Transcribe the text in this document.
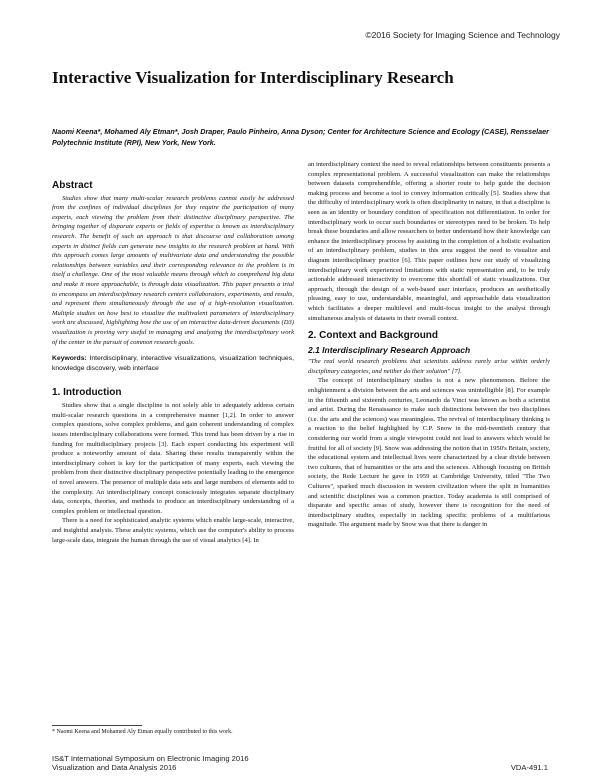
©2016 Society for Imaging Science and Technology
Interactive Visualization for Interdisciplinary Research
Naomi Keena*, Mohamed Aly Etman*, Josh Draper, Paulo Pinheiro, Anna Dyson; Center for Architecture Science and Ecology (CASE), Rensselaer Polytechnic Institute (RPI), New York, New York.
Abstract

Studies show that many multi-scalar research problems cannot easily be addressed from the confines of individual disciplines for they require the participation of many experts, each viewing the problem from their distinctive disciplinary perspective. The bringing together of disparate experts or fields of expertise is known as interdisciplinary research. The benefit of such an approach is that discourse and collaboration among experts in distinct fields can generate new insights to the research problem at hand. With this approach comes large amounts of multivariate data and understanding the possible relationships between variables and their corresponding relevance to the problem is in itself a challenge. One of the most valuable means through which to comprehend big data and make it more approachable, is through data visualization. This paper presents a trial to encompass an interdisciplinary research centers collaborators, experiments, and results, and represent them simultaneously through the use of a high-resolution visualization. Multiple studies on how best to visualize the multivalent parameters of interdisciplinary work are discussed, highlighting how the use of an interactive data-driven documents (D3) visualization is proving very useful in managing and analyzing the interdisciplinary work of the center in the pursuit of common research goals.

Keywords: Interdisciplinary, interactive visualizations, visualization techniques, knowledge discovery, web interface
1. Introduction

Studies show that a single discipline is not solely able to adequately address certain multi-scalar research questions in a comprehensive manner [1,2]. In order to answer complex questions, solve complex problems, and gain coherent understanding of complex issues interdisciplinary collaborations were formed. This trend has been driven by a rise in funding for multidisciplinary projects [3]. Each expert conducting his experiment will produce a noteworthy amount of data. Sharing these results transparently within the interdisciplinary cohort is key for the participation of many experts, each viewing the problem from their distinctive disciplinary perspective potentially leading to the emergence of novel answers. The presence of multiple data sets and large numbers of elements add to the complexity. An interdisciplinary concept consciously integrates separate disciplinary data, concepts, theories, and methods to produce an interdisciplinary understanding of a complex problem or intellectual question.

There is a need for sophisticated analytic systems which enable large-scale, interactive, and insightful analysis. These analytic systems, which use the computer's ability to process large-scale data, integrate the human through the use of visual analytics [4]. In

an interdisciplinary context the need to reveal relationships between constituents presents a complex representational problem. A successful visualization can make the relationships between datasets comprehendible, offering a shorter route to help guide the decision making process and become a tool to convey information critically [5]. Studies show that the difficulty of interdisciplinary work is often disciplinarity in nature, in that a discipline is seen as an identity or boundary condition of specification not differentiation. In order for interdisciplinary work to occur such boundaries or stereotypes need to be broken. To help break these boundaries and allow researchers to better understand how their knowledge can enhance the interdisciplinary process by assisting in the completion of a holistic evaluation of an interdisciplinary problem, studies in this area suggest the need to visualize and diagram interdisciplinary practice [6]. This paper outlines how our study of visualizing interdisciplinary work experienced limitations with static representation and, to be truly actionable addressed interactivity to overcome this shortfall of static visualizations. Our approach, through the design of a web-based user interface, produces an aesthetically pleasing, easy to use, understandable, meaningful, and approachable data visualization which facilitates a deeper multilevel and multi-focus insight to the analyst through simultaneous analysis of datasets in their overall context.

2. Context and Background
2.1 Interdisciplinary Research Approach

"The real world research problems that scientists address rarely arise within orderly disciplinary categories, and neither do their solution" [7].

The concept of interdisciplinary studies is not a new phenomenon. Before the enlightenment a division between the arts and sciences was unintelligible [8]. For example in the fifteenth and sixteenth centuries, Leonardo da Vinci was known as both a scientist and artist. During the Renaissance to make such distinctions between the two disciplines (i.e. the arts and the sciences) was meaningless. The revival of interdisciplinary thinking is a reaction to the belief highlighted by C.P. Snow in the mid-twentieth century that considering our world from a single viewpoint could not lead to answers which would be fruitful for all of society [9]. Snow was addressing the notion that in 1950's Britain, society, the educational system and intellectual lives were characterized by a clear divide between two cultures, that of humanities or the arts and the sciences. Although focusing on British society, the Rede Lecture he gave in 1959 at Cambridge University, titled "The Two Cultures", sparked much discussion in western civilization where the split in humanities and scientific disciplines was a common practice. Today academia is still comprised of disparate and specific areas of study, however there is recognition for the need of interdisciplinary studies, especially in tackling specific problems of a multifarious magnitude. The argument made by Snow was that there is danger in

* Naomi Keena and Mohamed Aly Etman equally contributed to this work.
IS&T International Symposium on Electronic Imaging 2016
Visualization and Data Analysis 2016	VDA-491.1
